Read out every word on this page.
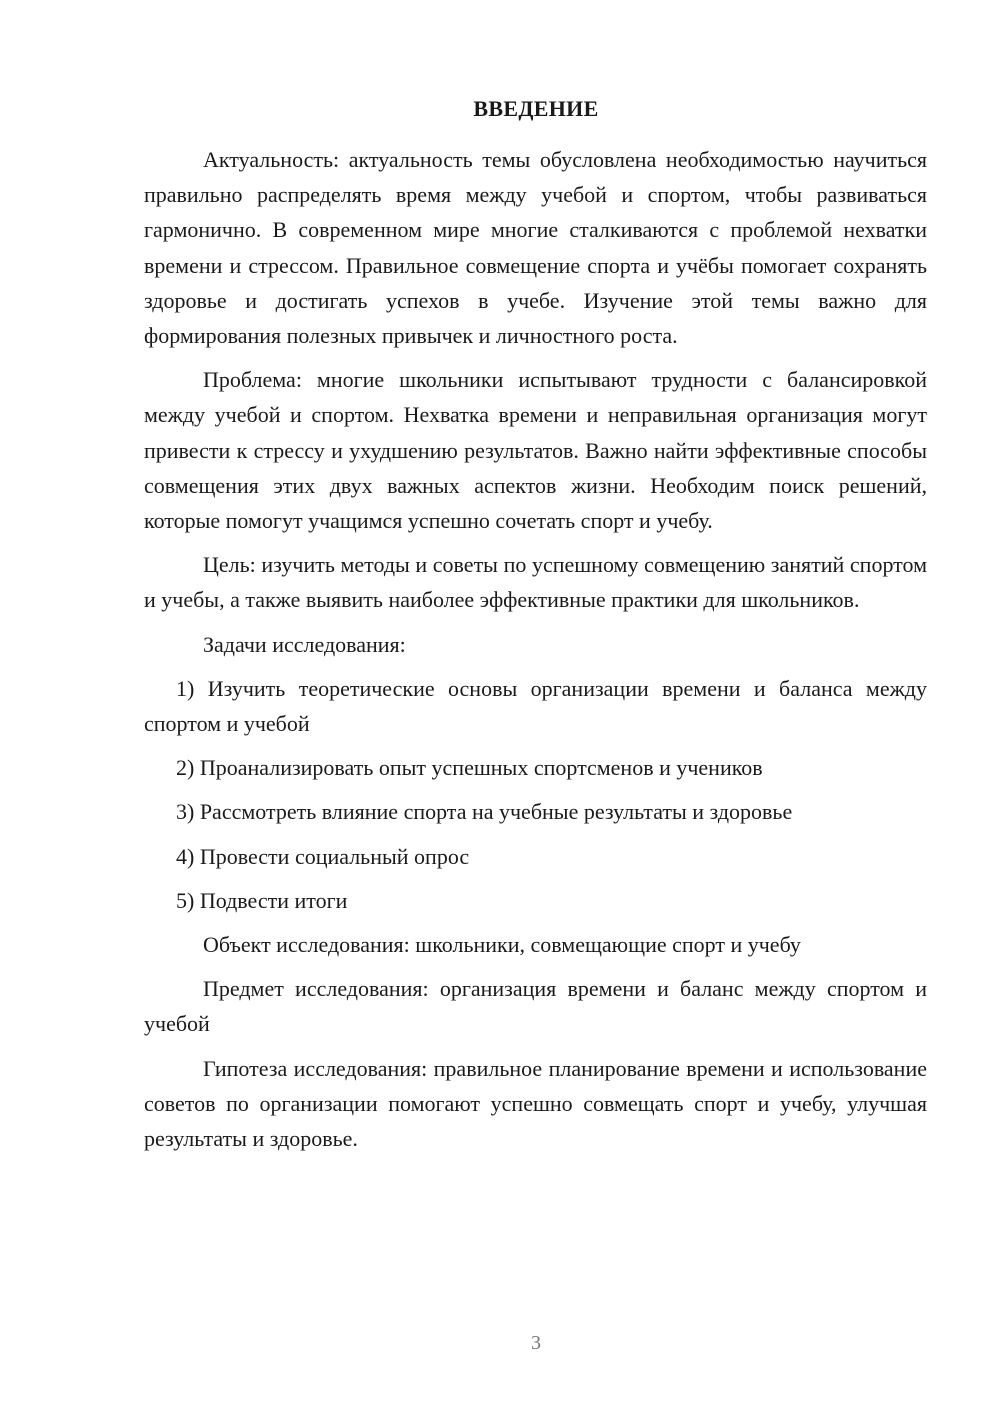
ВВЕДЕНИЕ

Актуальность: актуальность темы обусловлена необходимостью научиться правильно распределять время между учебой и спортом, чтобы развиваться гармонично. В современном мире многие сталкиваются с проблемой нехватки времени и стрессом. Правильное совмещение спорта и учёбы помогает сохранять здоровье и достигать успехов в учебе. Изучение этой темы важно для формирования полезных привычек и личностного роста.

Проблема: многие школьники испытывают трудности с балансировкой между учебой и спортом. Нехватка времени и неправильная организация могут привести к стрессу и ухудшению результатов. Важно найти эффективные способы совмещения этих двух важных аспектов жизни. Необходим поиск решений, которые помогут учащимся успешно сочетать спорт и учебу.

Цель: изучить методы и советы по успешному совмещению занятий спортом и учебы, а также выявить наиболее эффективные практики для школьников.

Задачи исследования:

1) Изучить теоретические основы организации времени и баланса между спортом и учебой

2) Проанализировать опыт успешных спортсменов и учеников

3) Рассмотреть влияние спорта на учебные результаты и здоровье

4) Провести социальный опрос

5) Подвести итоги

Объект исследования: школьники, совмещающие спорт и учебу

Предмет исследования: организация времени и баланс между спортом и учебой

Гипотеза исследования: правильное планирование времени и использование советов по организации помогают успешно совмещать спорт и учебу, улучшая результаты и здоровье.

3
